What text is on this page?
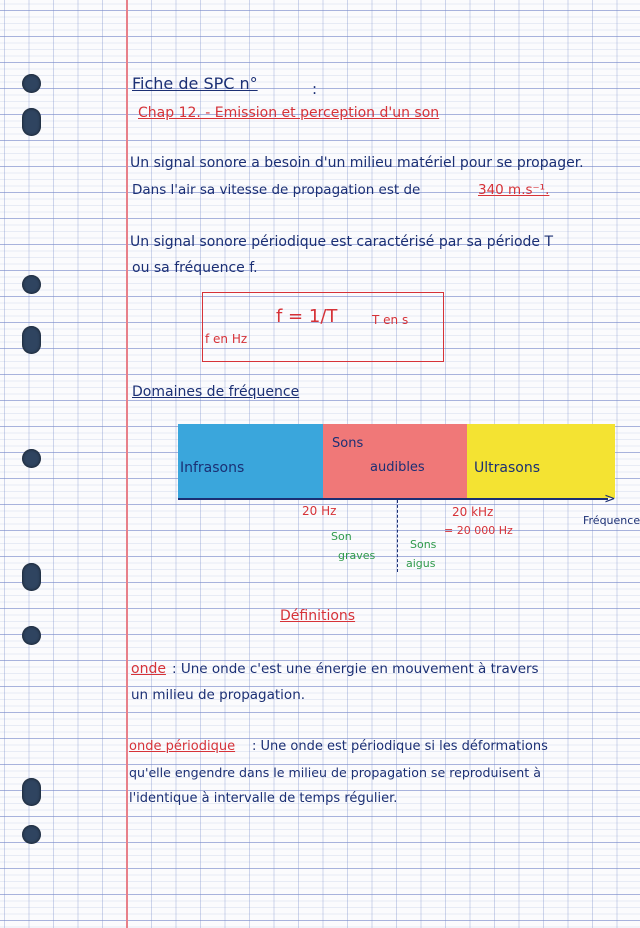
Fiche de SPC n°	:
Chap 12. - Emission et perception d'un son
Un signal sonore a besoin d'un milieu matériel pour se propager.
Dans l'air sa vitesse de propagation est de	340 m.s⁻¹.
Un signal sonore périodique est caractérisé par sa période T
ou sa fréquence f.
f en Hz
f = 1/T	T en s
Domaines de fréquence
Infrasons
Sons
audibles	Ultrasons
>
Fréquence
20 Hz	20 kHz
= 20 000 Hz
Son
graves
Sons
aigus
Définitions
onde : Une onde c'est une énergie en mouvement à travers
un milieu de propagation.
onde périodique : Une onde est périodique si les déformations
qu'elle engendre dans le milieu de propagation se reproduisent à
l'identique à intervalle de temps régulier.
